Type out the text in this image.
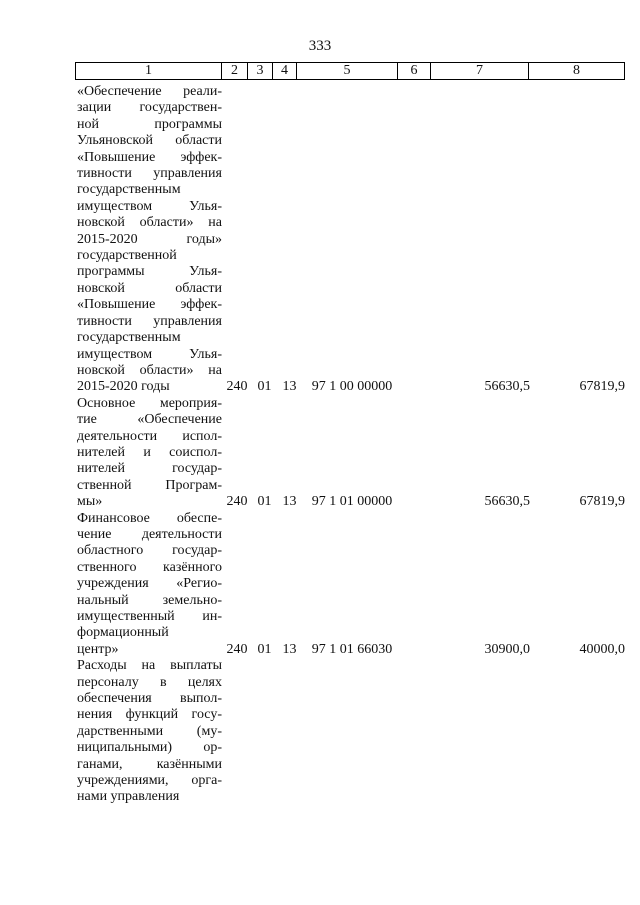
333
1	2	3	4	5	6	7	8
«Обеспечение реали-
зации государствен-
ной программы
Ульяновской области
«Повышение эффек-
тивности управления
государственным
имуществом Улья-
новской области» на
2015-2020 годы»
государственной
программы Улья-
новской области
«Повышение эффек-
тивности управления
государственным
имуществом Улья-
новской области» на
2015-2020 годы	240 01 13	97 1 00 00000	56630,5	67819,9
Основное мероприя-
тие «Обеспечение
деятельности испол-
нителей и соиспол-
нителей государ-
ственной Програм-
мы»	240 01 13	97 1 01 00000	56630,5	67819,9
Финансовое обеспе-
чение деятельности
областного государ-
ственного казённого
учреждения «Регио-
нальный земельно-
имущественный ин-
формационный
центр»	240 01 13	97 1 01 66030	30900,0	40000,0
Расходы на выплаты
персоналу в целях
обеспечения выпол-
нения функций госу-
дарственными (му-
ниципальными) ор-
ганами, казёнными
учреждениями, орга-
нами управления
